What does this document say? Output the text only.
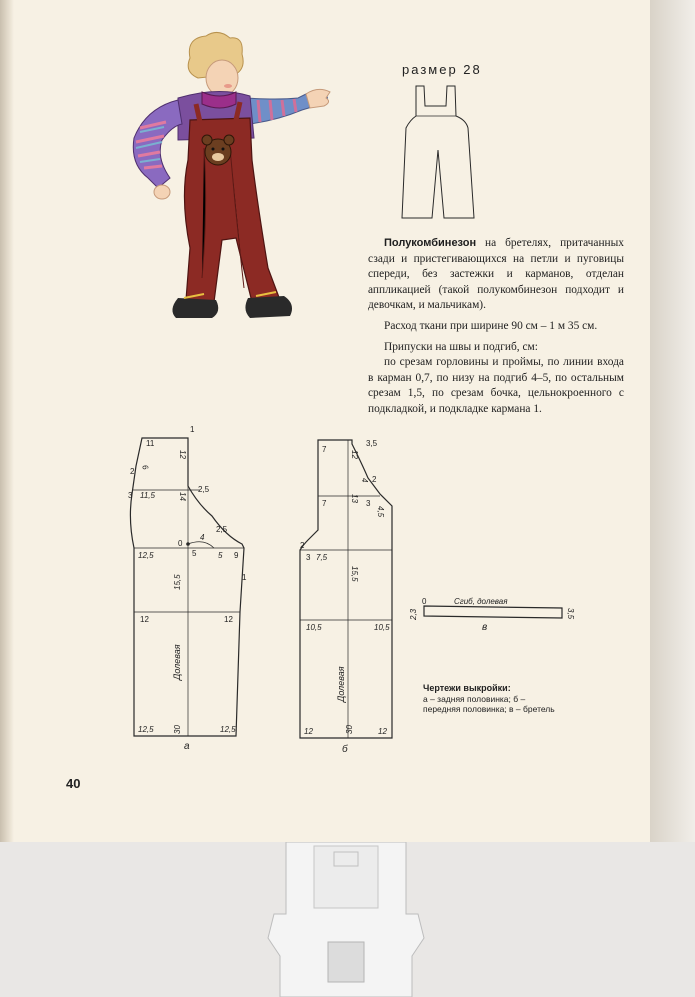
размер 28

Полукомбинезон на бретелях, притачанных сзади и пристегивающихся на петли и пуговицы спереди, без застежки и карманов, отделан аппликацией (такой полукомбинезон подходит и девочкам, и мальчикам).

Расход ткани при ширине 90 см – 1 м 35 см.

Припуски на швы и подгиб, см:

по срезам горловины и проймы, по линии входа в карман 0,7, по низу на подгиб 4–5, по остальным срезам 1,5, по срезам бочка, цельнокроенного с подкладкой, и подкладке кармана 1.

11
1
12
2 6
3 11,5	14
2,5
2,5
0
4
5	5 9
12,5
1
15,5
12	12
30
12,5	12,5
Долевая
а
7
3,5
12
2
4
7
13
3
4,5
2
3 7,5
15,5
10,5	10,5
30
12	12
Долевая
б
0	Сгиб, долевая
2,3	3,5
в
Чертежи выкройки:
а – задняя половинка; б – передняя половинка; в – бретель
40
